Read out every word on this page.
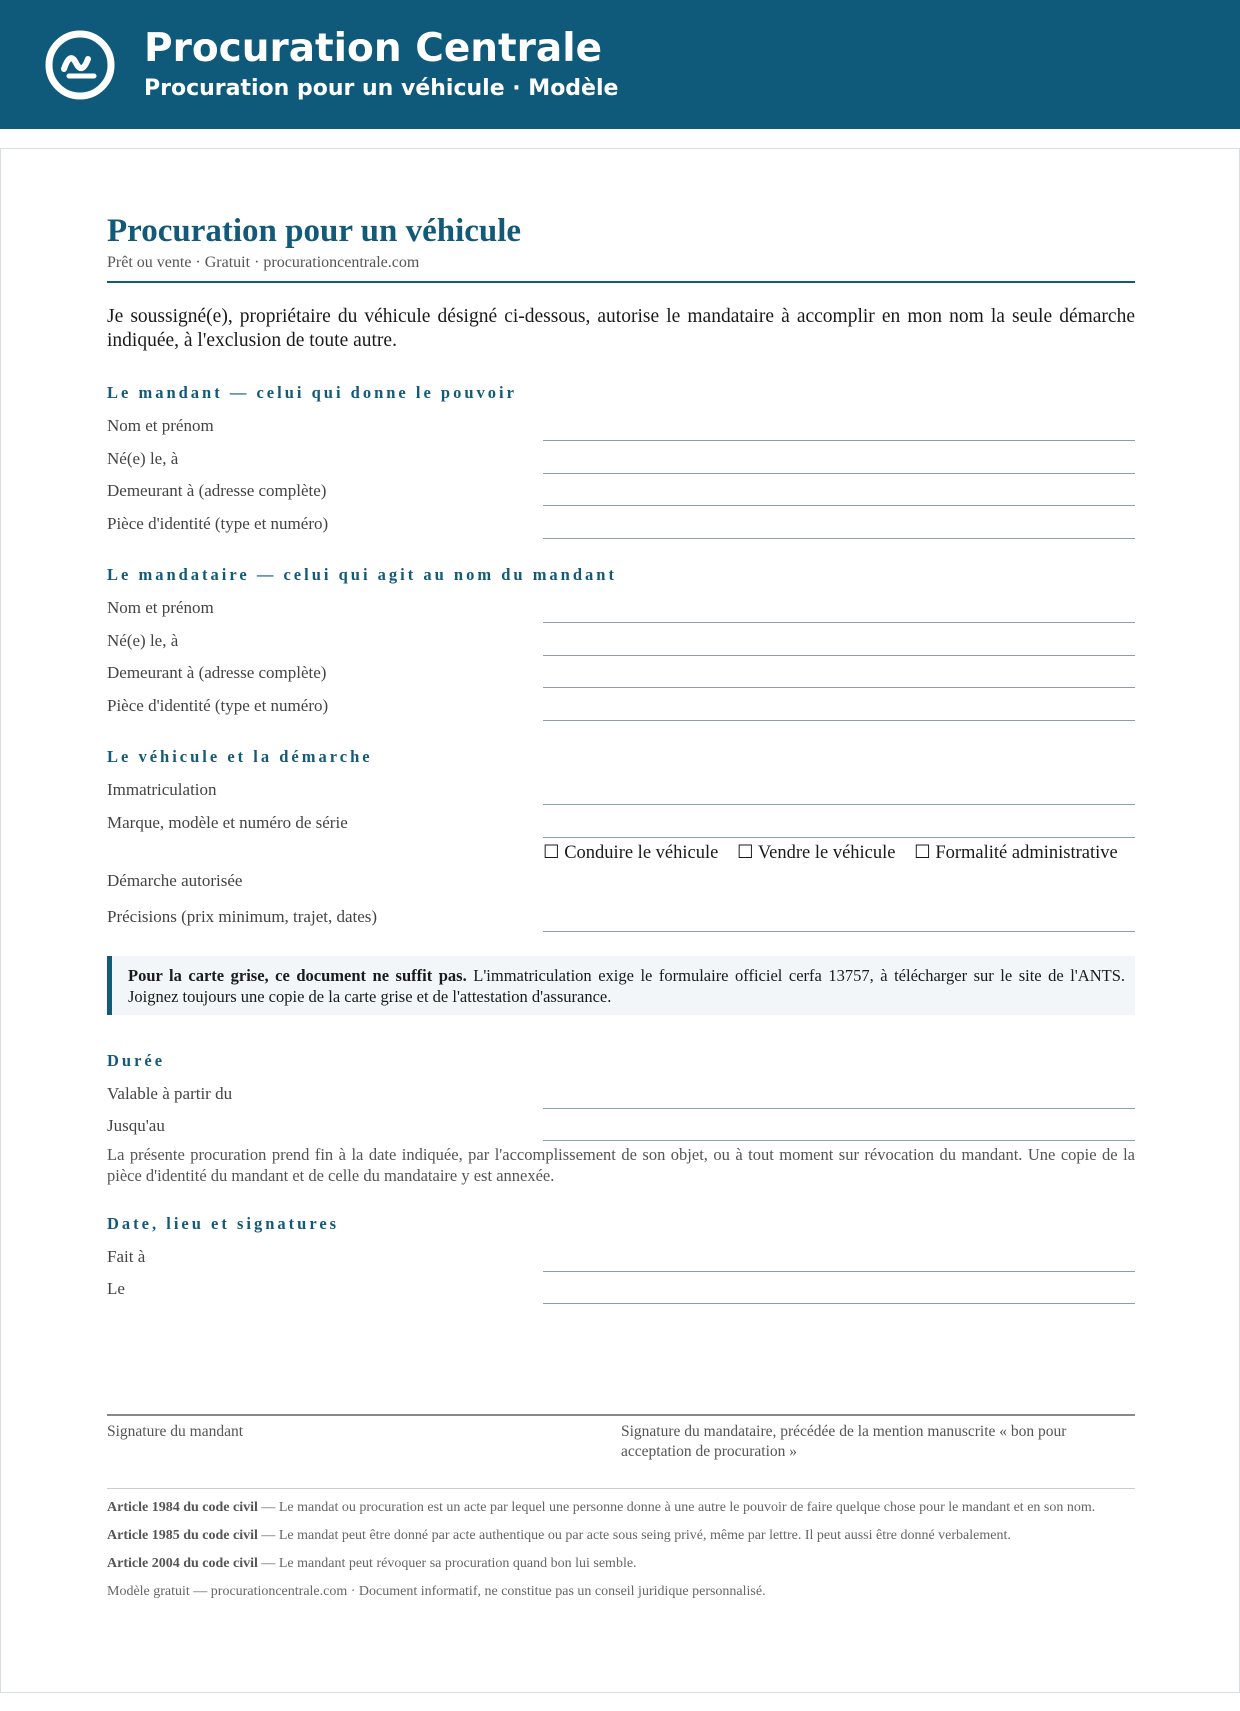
Procuration Centrale
Procuration pour un véhicule · Modèle
Procuration pour un véhicule
Prêt ou vente · Gratuit · procurationcentrale.com

Je soussigné(e), propriétaire du véhicule désigné ci-dessous, autorise le mandataire à accomplir en mon nom la seule démarche indiquée, à l'exclusion de toute autre.

Le mandant — celui qui donne le pouvoir
Nom et prénom
Né(e) le, à
Demeurant à (adresse complète)
Pièce d'identité (type et numéro)
Le mandataire — celui qui agit au nom du mandant
Nom et prénom
Né(e) le, à
Demeurant à (adresse complète)
Pièce d'identité (type et numéro)
Le véhicule et la démarche
Immatriculation
Marque, modèle et numéro de série
Démarche autorisée
☐ Conduire le véhicule ☐ Vendre le véhicule ☐ Formalité administrative
Précisions (prix minimum, trajet, dates)
Pour la carte grise, ce document ne suffit pas. L'immatriculation exige le formulaire officiel cerfa 13757, à télécharger sur le site de l'ANTS. Joignez toujours une copie de la carte grise et de l'attestation d'assurance.
Durée
Valable à partir du
Jusqu'au

La présente procuration prend fin à la date indiquée, par l'accomplissement de son objet, ou à tout moment sur révocation du mandant. Une copie de la pièce d'identité du mandant et de celle du mandataire y est annexée.

Date, lieu et signatures
Fait à
Le
Signature du mandant	Signature du mandataire, précédée de la mention manuscrite « bon pour acceptation de procuration »

Article 1984 du code civil — Le mandat ou procuration est un acte par lequel une personne donne à une autre le pouvoir de faire quelque chose pour le mandant et en son nom.

Article 1985 du code civil — Le mandat peut être donné par acte authentique ou par acte sous seing privé, même par lettre. Il peut aussi être donné verbalement.

Article 2004 du code civil — Le mandant peut révoquer sa procuration quand bon lui semble.

Modèle gratuit — procurationcentrale.com · Document informatif, ne constitue pas un conseil juridique personnalisé.
